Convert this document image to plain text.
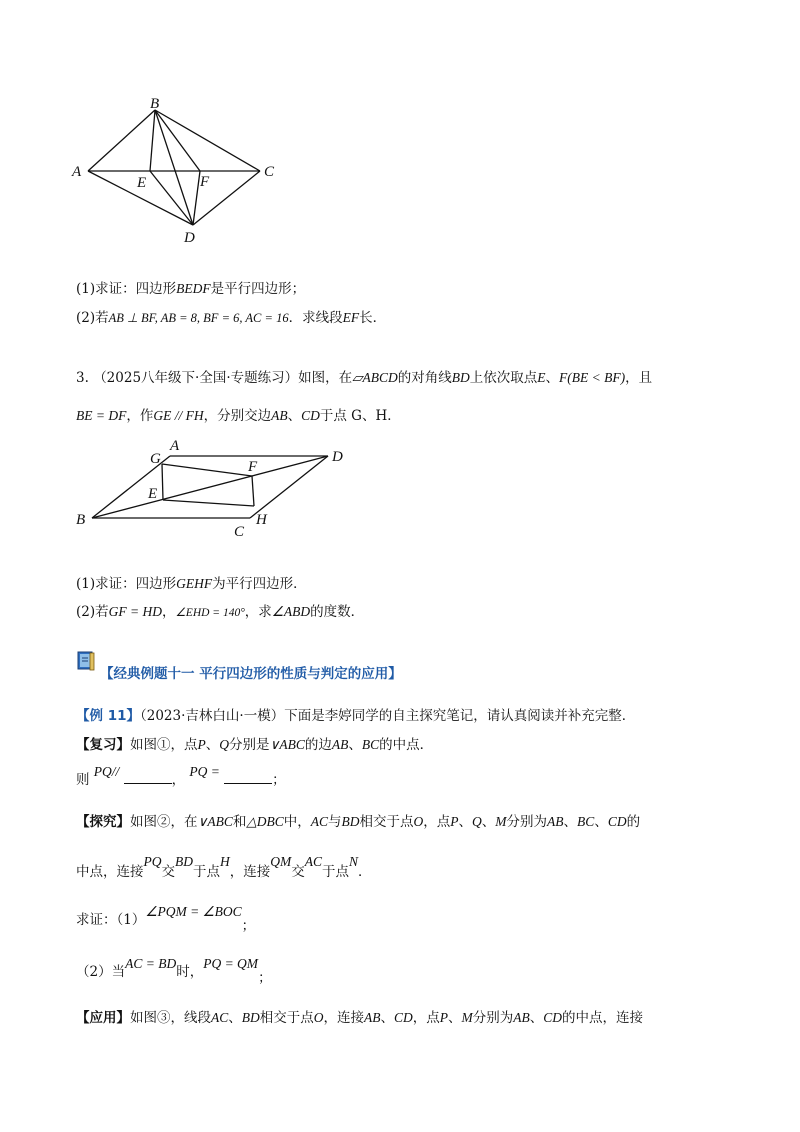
B
A	C
D
E	F
(1)求证：四边形BEDF是平行四边形；
(2)若AB ⊥ BF, AB = 8, BF = 6, AC = 16．求线段EF长．
3. （2025八年级下·全国·专题练习）如图，在▱ABCD的对角线BD上依次取点E、F(BE < BF)，且
BE = DF，作GE // FH，分别交边AB、CD于点 G、H．
A
G	D
F
E
H
B
C
(1)求证：四边形GEHF为平行四边形．
(2)若GF = HD，∠EHD = 140°，求∠ABD的度数．
【经典例题十一 平行四边形的性质与判定的应用】
【例 11】（2023·吉林白山·一模）下面是李婷同学的自主探究笔记，请认真阅读并补充完整．
【复习】如图①，点P、Q分别是∨ABC的边AB、BC的中点．
则 PQ// ， PQ = ；
【探究】如图②，在∨ABC和△DBC中，AC与BD相交于点O，点P、Q、M分别为AB、BC、CD的
中点，连接PQ交BD于点H，连接QM交AC于点N．
求证：（1）∠PQM = ∠BOC；
（2）当AC = BD时，PQ = QM；
【应用】如图③，线段AC、BD相交于点O，连接AB、CD，点P、M分别为AB、CD的中点，连接
